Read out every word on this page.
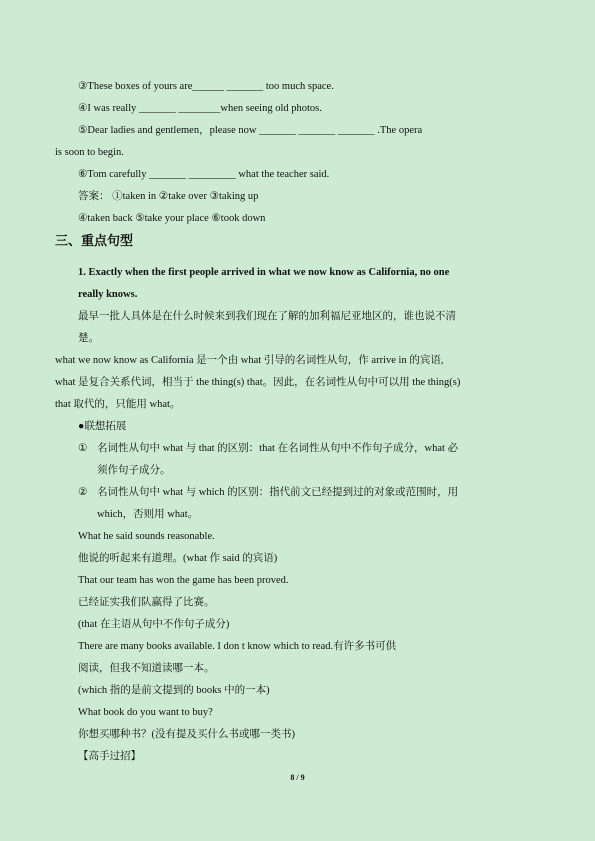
③These boxes of yours are______ _______ too much space.
④I was really _______ ________when seeing old photos.
⑤Dear ladies and gentlemen，please now _______ _______ _______ .The opera
is soon to begin.
⑥Tom carefully _______ _________ what the teacher said.
答案： ①taken in ②take over ③taking up
④taken back ⑤take your place ⑥took down
三、重点句型
1. Exactly when the first people arrived in what we now know as California, no one
really knows.
最早一批人具体是在什么时候来到我们现在了解的加利福尼亚地区的，谁也说不清
楚。
what we now know as California 是一个由 what 引导的名词性从句，作 arrive in 的宾语,
what 是复合关系代词，相当于 the thing(s) that。因此，在名词性从句中可以用 the thing(s)
that 取代的，只能用 what。
●联想拓展
① 名词性从句中 what 与 that 的区别：that 在名词性从句中不作句子成分，what 必
须作句子成分。
② 名词性从句中 what 与 which 的区别：指代前文已经提到过的对象或范围时，用
which，否则用 what。
What he said sounds reasonable.
他说的听起来有道理。(what 作 said 的宾语)
That our team has won the game has been proved.
已经证实我们队赢得了比赛。
(that 在主语从句中不作句子成分)
There are many books available. I don t know which to read.有许多书可供
阅读，但我不知道读哪一本。
(which 指的是前文提到的 books 中的一本)
What book do you want to buy?
你想买哪种书？(没有提及买什么书或哪一类书)
【高手过招】
8 / 9
